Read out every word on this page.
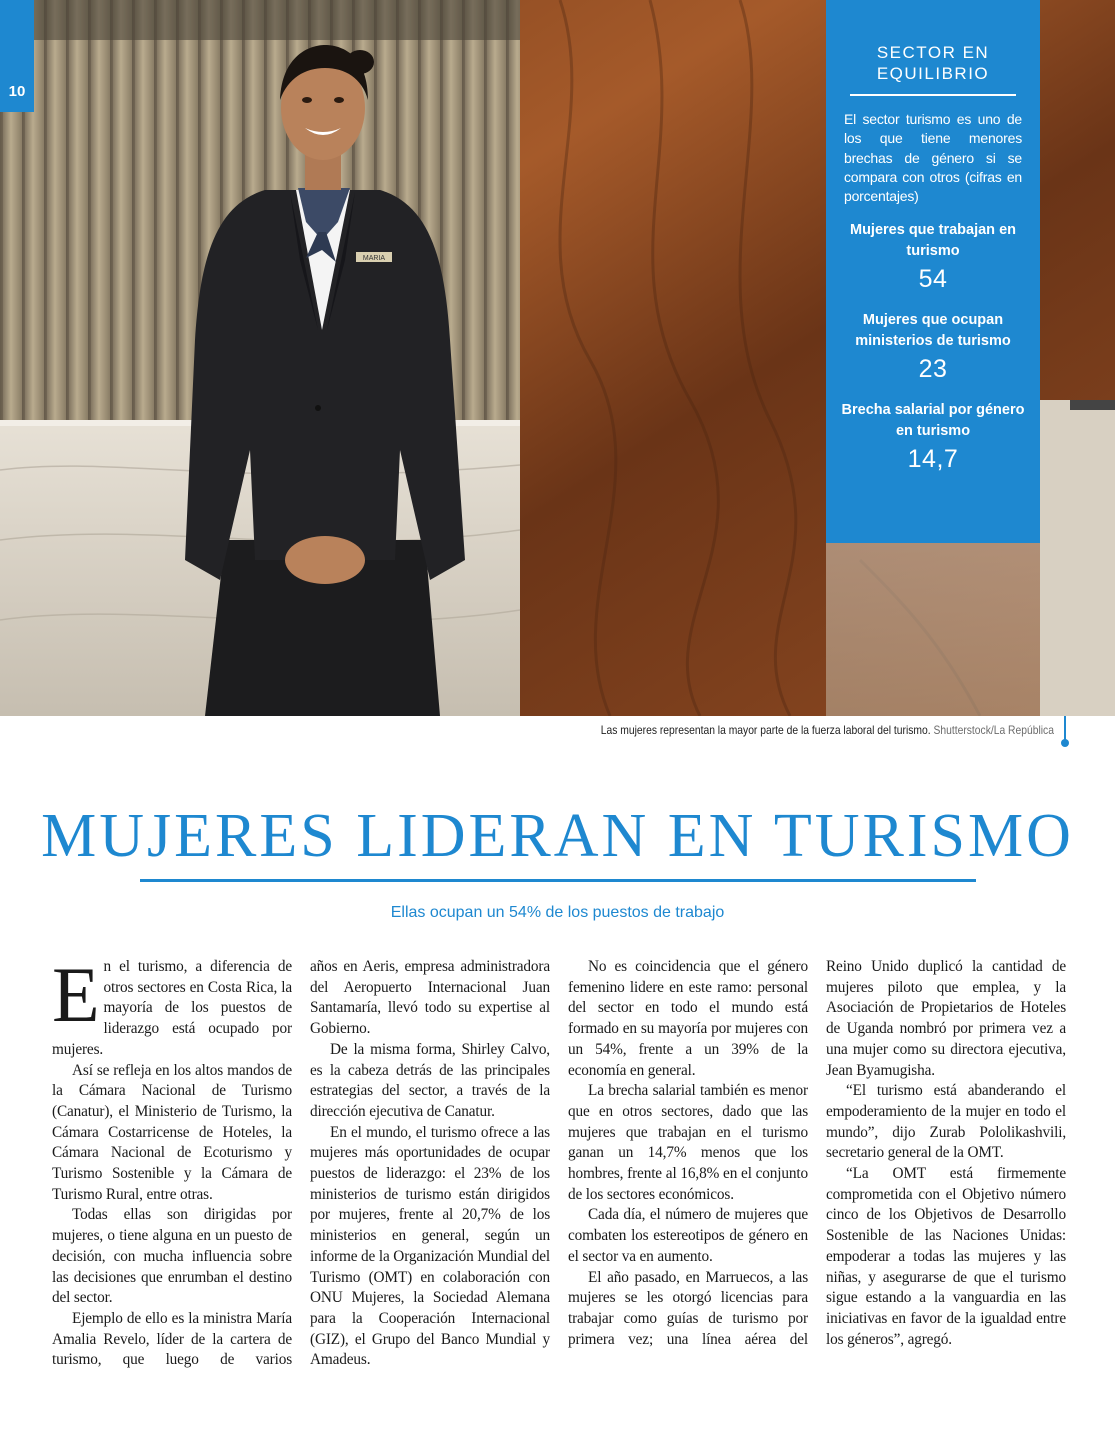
MARIA
10
SECTOR EN EQUILIBRIO
El sector turismo es uno de los que tiene menores brechas de género si se compara con otros (cifras en porcentajes)
Mujeres que trabajan en turismo
54
Mujeres que ocupan ministerios de turismo
23
Brecha salarial por género en turismo
14,7
Las mujeres representan la mayor parte de la fuerza laboral del turismo. Shutterstock/La República
MUJERES LIDERAN EN TURISMO
Ellas ocupan un 54% de los puestos de trabajo

En el turismo, a diferencia de otros sectores en Costa Rica, la mayoría de los puestos de liderazgo está ocupado por mujeres.

Así se refleja en los altos mandos de la Cámara Nacional de Turismo (Canatur), el Ministerio de Turismo, la Cámara Costarricense de Hoteles, la Cámara Nacional de Ecoturismo y Turismo Sostenible y la Cámara de Turismo Rural, entre otras.

Todas ellas son dirigidas por mujeres, o tiene alguna en un puesto de decisión, con mucha influencia sobre las decisiones que enrumban el destino del sector.

Ejemplo de ello es la ministra María Amalia Revelo, líder de la cartera de turismo, que luego de varios

años en Aeris, empresa administradora del Aeropuerto Internacional Juan Santamaría, llevó todo su expertise al Gobierno.

De la misma forma, Shirley Calvo, es la cabeza detrás de las principales estrategias del sector, a través de la dirección ejecutiva de Canatur.

En el mundo, el turismo ofrece a las mujeres más oportunidades de ocupar puestos de liderazgo: el 23% de los ministerios de turismo están dirigidos por mujeres, frente al 20,7% de los ministerios en general, según un informe de la Organización Mundial del Turismo (OMT) en colaboración con ONU Mujeres, la Sociedad Alemana para la Cooperación Internacional (GIZ), el Grupo del Banco Mundial y Amadeus.

No es coincidencia que el género femenino lidere en este ramo: personal del sector en todo el mundo está formado en su mayoría por mujeres con un 54%, frente a un 39% de la economía en general.

La brecha salarial también es menor que en otros sectores, dado que las mujeres que trabajan en el turismo ganan un 14,7% menos que los hombres, frente al 16,8% en el conjunto de los sectores económicos.

Cada día, el número de mujeres que combaten los estereotipos de género en el sector va en aumento.

El año pasado, en Marruecos, a las mujeres se les otorgó licencias para trabajar como guías de turismo por primera vez; una línea aérea del

Reino Unido duplicó la cantidad de mujeres piloto que emplea, y la Asociación de Propietarios de Hoteles de Uganda nombró por primera vez a una mujer como su directora ejecutiva, Jean Byamugisha.

“El turismo está abanderando el empoderamiento de la mujer en todo el mundo”, dijo Zurab Pololikashvili, secretario general de la OMT.

“La OMT está firmemente comprometida con el Objetivo número cinco de los Objetivos de Desarrollo Sostenible de las Naciones Unidas: empoderar a todas las mujeres y las niñas, y asegurarse de que el turismo sigue estando a la vanguardia en las iniciativas en favor de la igualdad entre los géneros”, agregó.
